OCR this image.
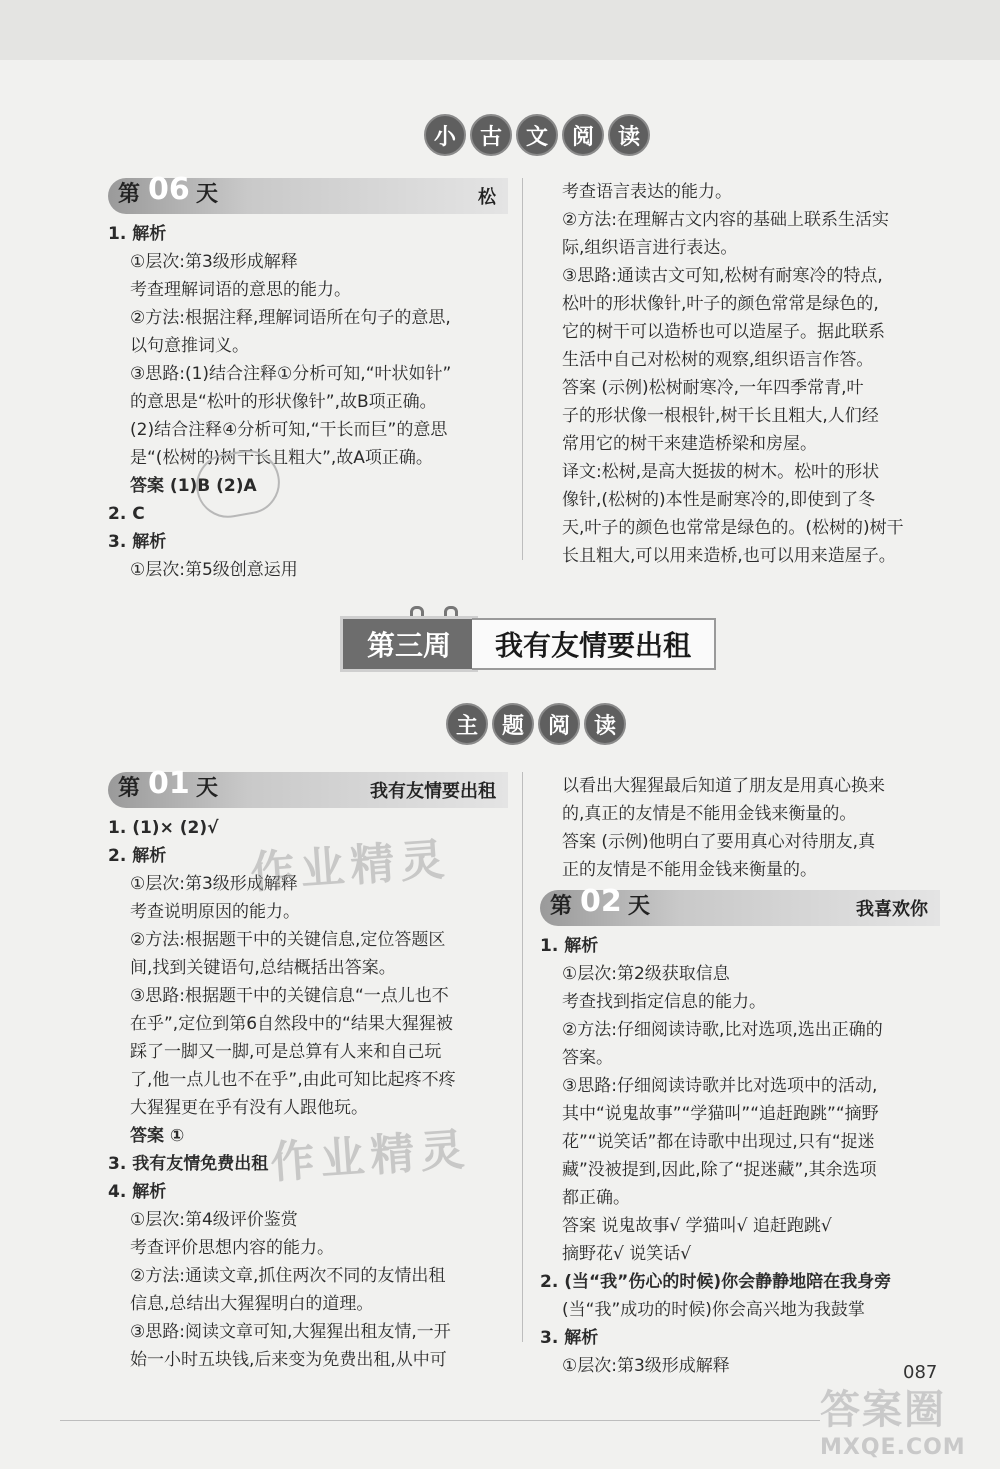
小	古	文	阅	读
第 06 天	松

1. 解析

①层次:第3级形成解释

考查理解词语的意思的能力。

②方法:根据注释,理解词语所在句子的意思,

以句意推词义。

③思路:(1)结合注释①分析可知,“叶状如针”

的意思是“松叶的形状像针”,故B项正确。

(2)结合注释④分析可知,“干长而巨”的意思

是“(松树的)树干长且粗大”,故A项正确。

答案 (1)B (2)A

2. C

3. 解析

①层次:第5级创意运用

考查语言表达的能力。

②方法:在理解古文内容的基础上联系生活实

际,组织语言进行表达。

③思路:通读古文可知,松树有耐寒冷的特点,

松叶的形状像针,叶子的颜色常常是绿色的,

它的树干可以造桥也可以造屋子。据此联系

生活中自己对松树的观察,组织语言作答。

答案 (示例)松树耐寒冷,一年四季常青,叶

子的形状像一根根针,树干长且粗大,人们经

常用它的树干来建造桥梁和房屋。

译文:松树,是高大挺拔的树木。松叶的形状

像针,(松树的)本性是耐寒冷的,即使到了冬

天,叶子的颜色也常常是绿色的。(松树的)树干

长且粗大,可以用来造桥,也可以用来造屋子。

第三周	我有友情要出租
主	题	阅	读
第 01 天	我有友情要出租

1. (1)× (2)√

2. 解析

①层次:第3级形成解释

考查说明原因的能力。

②方法:根据题干中的关键信息,定位答题区

间,找到关键语句,总结概括出答案。

③思路:根据题干中的关键信息“一点儿也不

在乎”,定位到第6自然段中的“结果大猩猩被

踩了一脚又一脚,可是总算有人来和自己玩

了,他一点儿也不在乎”,由此可知比起疼不疼

大猩猩更在乎有没有人跟他玩。

答案 ①

3. 我有友情免费出租

4. 解析

①层次:第4级评价鉴赏

考查评价思想内容的能力。

②方法:通读文章,抓住两次不同的友情出租

信息,总结出大猩猩明白的道理。

③思路:阅读文章可知,大猩猩出租友情,一开

始一小时五块钱,后来变为免费出租,从中可

作业精灵
作业精灵

以看出大猩猩最后知道了朋友是用真心换来

的,真正的友情是不能用金钱来衡量的。

答案 (示例)他明白了要用真心对待朋友,真

正的友情是不能用金钱来衡量的。

第 02 天	我喜欢你

1. 解析

①层次:第2级获取信息

考查找到指定信息的能力。

②方法:仔细阅读诗歌,比对选项,选出正确的

答案。

③思路:仔细阅读诗歌并比对选项中的活动,

其中“说鬼故事”“学猫叫”“追赶跑跳”“摘野

花”“说笑话”都在诗歌中出现过,只有“捉迷

藏”没被提到,因此,除了“捉迷藏”,其余选项

都正确。

答案 说鬼故事√ 学猫叫√ 追赶跑跳√

摘野花√ 说笑话√

2. (当“我”伤心的时候)你会静静地陪在我身旁

(当“我”成功的时候)你会高兴地为我鼓掌

3. 解析

①层次:第3级形成解释	087
答案圈
MXQE.COM
